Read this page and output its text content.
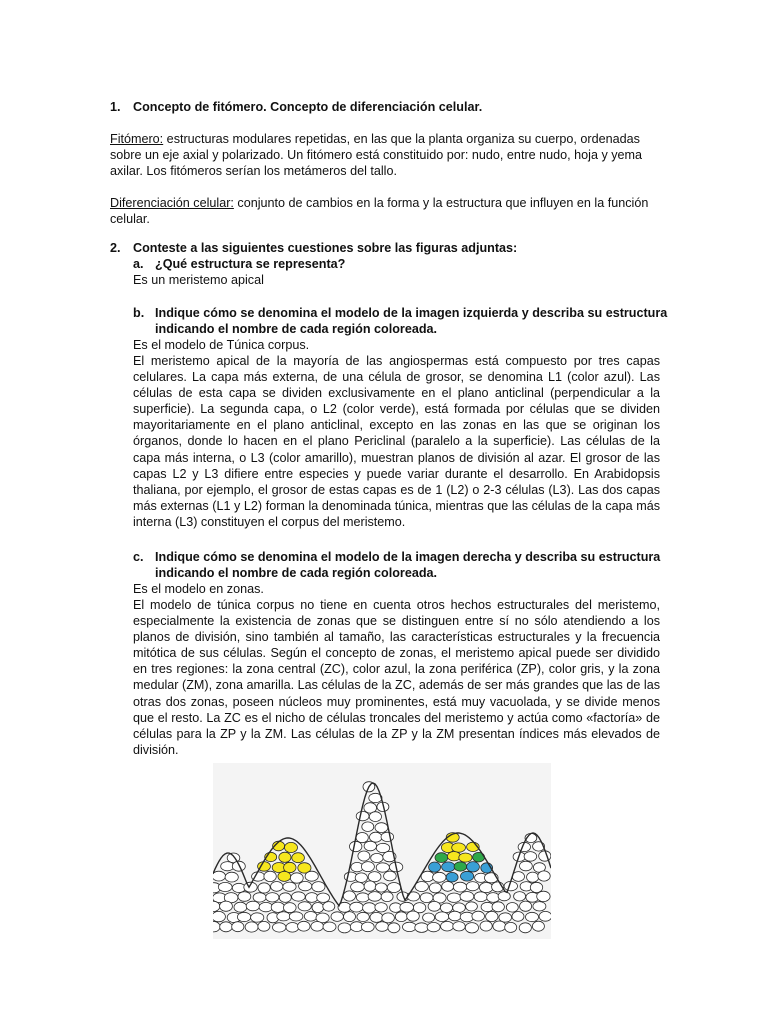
1. Concepto de fitómero. Concepto de diferenciación celular.

Fitómero: estructuras modulares repetidas, en las que la planta organiza su cuerpo, ordenadas sobre un eje axial y polarizado. Un fitómero está constituido por: nudo, entre nudo, hoja y yema axilar. Los fitómeros serían los metámeros del tallo.

Diferenciación celular: conjunto de cambios en la forma y la estructura que influyen en la función celular.

2. Conteste a las siguientes cuestiones sobre las figuras adjuntas:
a. ¿Qué estructura se representa?
Es un meristemo apical
b. Indique cómo se denomina el modelo de la imagen izquierda y describa su estructura
indicando el nombre de cada región coloreada.
Es el modelo de Túnica corpus.

El meristemo apical de la mayoría de las angiospermas está compuesto por tres capas celulares. La capa más externa, de una célula de grosor, se denomina L1 (color azul). Las células de esta capa se dividen exclusivamente en el plano anticlinal (perpendicular a la superficie). La segunda capa, o L2 (color verde), está formada por células que se dividen mayoritariamente en el plano anticlinal, excepto en las zonas en las que se originan los órganos, donde lo hacen en el plano Periclinal (paralelo a la superficie). Las células de la capa más interna, o L3 (color amarillo), muestran planos de división al azar. El grosor de las capas L2 y L3 difiere entre especies y puede variar durante el desarrollo. En Arabidopsis thaliana, por ejemplo, el grosor de estas capas es de 1 (L2) o 2-3 células (L3). Las dos capas más externas (L1 y L2) forman la denominada túnica, mientras que las células de la capa más interna (L3) constituyen el corpus del meristemo.

c. Indique cómo se denomina el modelo de la imagen derecha y describa su estructura
indicando el nombre de cada región coloreada.
Es el modelo en zonas.

El modelo de túnica corpus no tiene en cuenta otros hechos estructurales del meristemo, especialmente la existencia de zonas que se distinguen entre sí no sólo atendiendo a los planos de división, sino también al tamaño, las características estructurales y la frecuencia mitótica de sus células. Según el concepto de zonas, el meristemo apical puede ser dividido en tres regiones: la zona central (ZC), color azul, la zona periférica (ZP), color gris, y la zona medular (ZM), zona amarilla. Las células de la ZC, además de ser más grandes que las de las otras dos zonas, poseen núcleos muy prominentes, está muy vacuolada, y se divide menos que el resto. La ZC es el nicho de células troncales del meristemo y actúa como «factoría» de células para la ZP y la ZM. Las células de la ZP y la ZM presentan índices más elevados de división.
